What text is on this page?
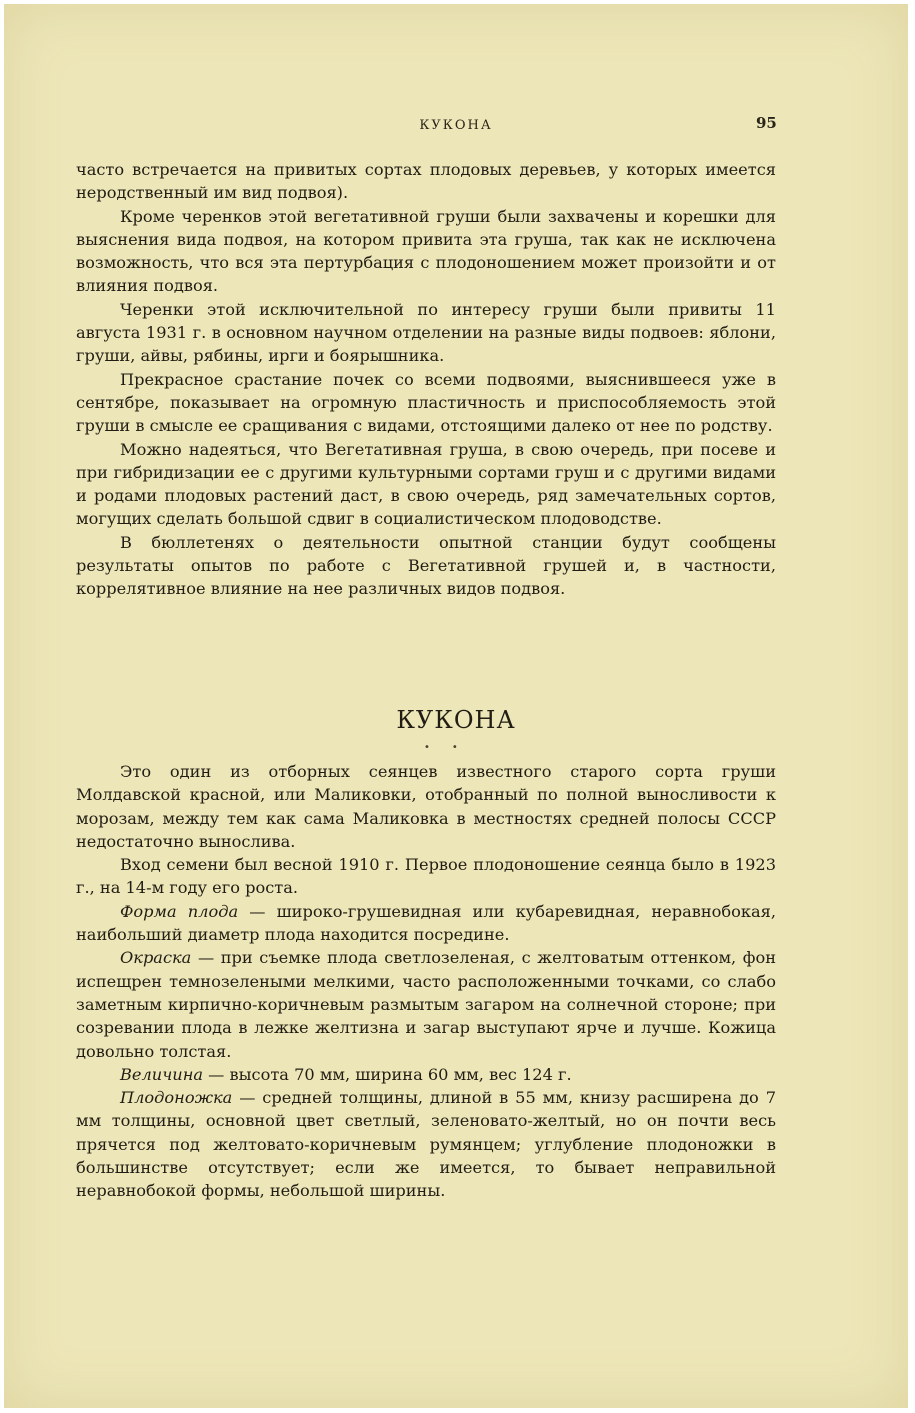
КУКОНА	95

часто встречается на привитых сортах плодовых деревьев, у которых имеется неродственный им вид подвоя).

Кроме черенков этой вегетативной груши были захвачены и корешки для выяснения вида подвоя, на котором привита эта груша, так как не исключена возможность, что вся эта пертурбация с плодоношением может произойти и от влияния подвоя.

Черенки этой исключительной по интересу груши были привиты 11 августа 1931 г. в основном научном отделении на разные виды подвоев: яблони, груши, айвы, рябины, ирги и боярышника.

Прекрасное срастание почек со всеми подвоями, выяснившееся уже в сентябре, показывает на огромную пластичность и приспособляемость этой груши в смысле ее сращивания с видами, отстоящими далеко от нее по родству.

Можно надеяться, что Вегетативная груша, в свою очередь, при посеве и при гибридизации ее с другими культурными сортами груш и с другими видами и родами плодовых растений даст, в свою очередь, ряд замечательных сортов, могущих сделать большой сдвиг в социалистическом плодоводстве.

В бюллетенях о деятельности опытной станции будут сообщены результаты опытов по работе с Вегетативной грушей и, в частности, коррелятивное влияние на нее различных видов подвоя.

КУКОНА
••

Это один из отборных сеянцев известного старого сорта груши Молдавской красной, или Маликовки, отобранный по полной выносливости к морозам, между тем как сама Маликовка в местностях средней полосы СССР недостаточно вынослива.

Вход семени был весной 1910 г. Первое плодоношение сеянца было в 1923 г., на 14-м году его роста.

Форма плода — широко-грушевидная или кубаревидная, неравнобокая, наибольший диаметр плода находится посредине.

Окраска — при съемке плода светлозеленая, с желтоватым оттенком, фон испещрен темнозелеными мелкими, часто расположенными точками, со слабо заметным кирпично-коричневым размытым загаром на солнечной стороне; при созревании плода в лежке желтизна и загар выступают ярче и лучше. Кожица довольно толстая.

Величина — высота 70 мм, ширина 60 мм, вес 124 г.

Плодоножка — средней толщины, длиной в 55 мм, книзу расширена до 7 мм толщины, основной цвет светлый, зеленовато-желтый, но он почти весь прячется под желтовато-коричневым румянцем; углубление плодоножки в большинстве отсутствует; если же имеется, то бывает неправильной неравнобокой формы, небольшой ширины.
